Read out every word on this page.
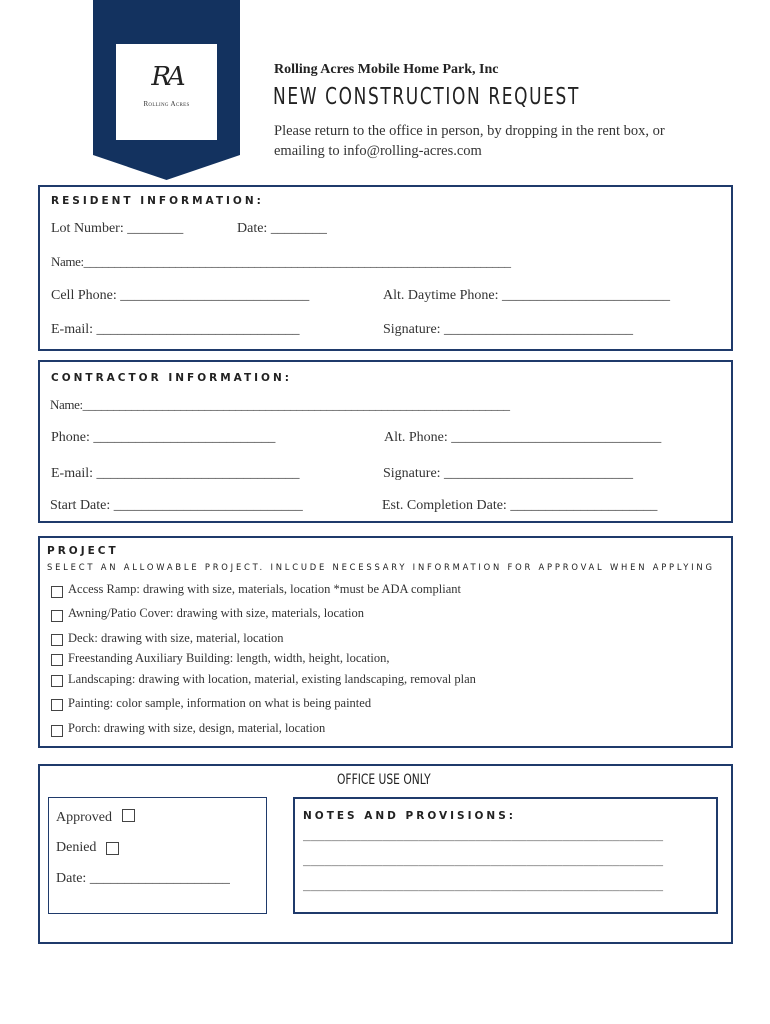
RA
Rolling Acres
Rolling Acres Mobile Home Park, Inc
NEW CONSTRUCTION REQUEST
Please return to the office in person, by dropping in the rent box, or emailing to info@rolling-acres.com
RESIDENT INFORMATION:
Lot Number: ________	Date: ________
Name:______________________________________________________________________
Cell Phone: ___________________________	Alt. Daytime Phone: ________________________
E-mail: _____________________________	Signature: ___________________________
CONTRACTOR INFORMATION:
Name:______________________________________________________________________
Phone: __________________________	Alt. Phone: ______________________________
E-mail: _____________________________	Signature: ___________________________
Start Date: ___________________________	Est. Completion Date: _____________________
PROJECT
SELECT AN ALLOWABLE PROJECT. INLCUDE NECESSARY INFORMATION FOR APPROVAL WHEN APPLYING
Access Ramp: drawing with size, materials, location *must be ADA compliant
Awning/Patio Cover: drawing with size, materials, location
Deck: drawing with size, material, location
Freestanding Auxiliary Building: length, width, height, location,
Landscaping: drawing with location, material, existing landscaping, removal plan
Painting: color sample, information on what is being painted
Porch: drawing with size, design, material, location
OFFICE USE ONLY
Approved
Denied
Date: ____________________
NOTES AND PROVISIONS:
__________________________________________________
__________________________________________________
__________________________________________________
